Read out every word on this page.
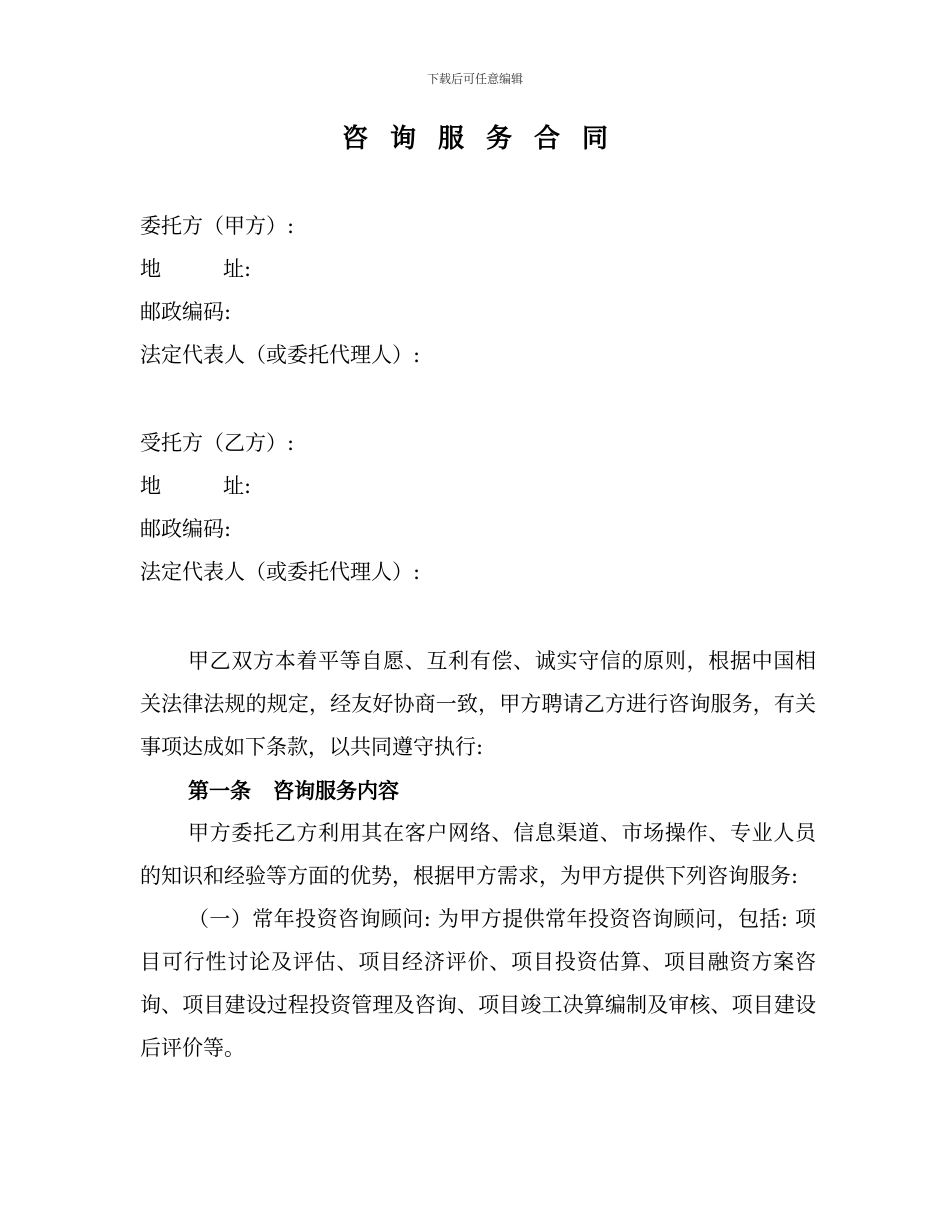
下载后可任意编辑
咨询服务合同
委托方（甲方）:
地	址:
邮政编码:
法定代表人（或委托代理人）:
受托方（乙方）:
地	址:
邮政编码:
法定代表人（或委托代理人）:

甲乙双方本着平等自愿、互利有偿、诚实守信的原则，根据中国相关法律法规的规定，经友好协商一致，甲方聘请乙方进行咨询服务，有关事项达成如下条款，以共同遵守执行:

第一条 咨询服务内容

甲方委托乙方利用其在客户网络、信息渠道、市场操作、专业人员的知识和经验等方面的优势，根据甲方需求，为甲方提供下列咨询服务:

（一）常年投资咨询顾问: 为甲方提供常年投资咨询顾问，包括: 项目可行性讨论及评估、项目经济评价、项目投资估算、项目融资方案咨询、项目建设过程投资管理及咨询、项目竣工决算编制及审核、项目建设后评价等。
